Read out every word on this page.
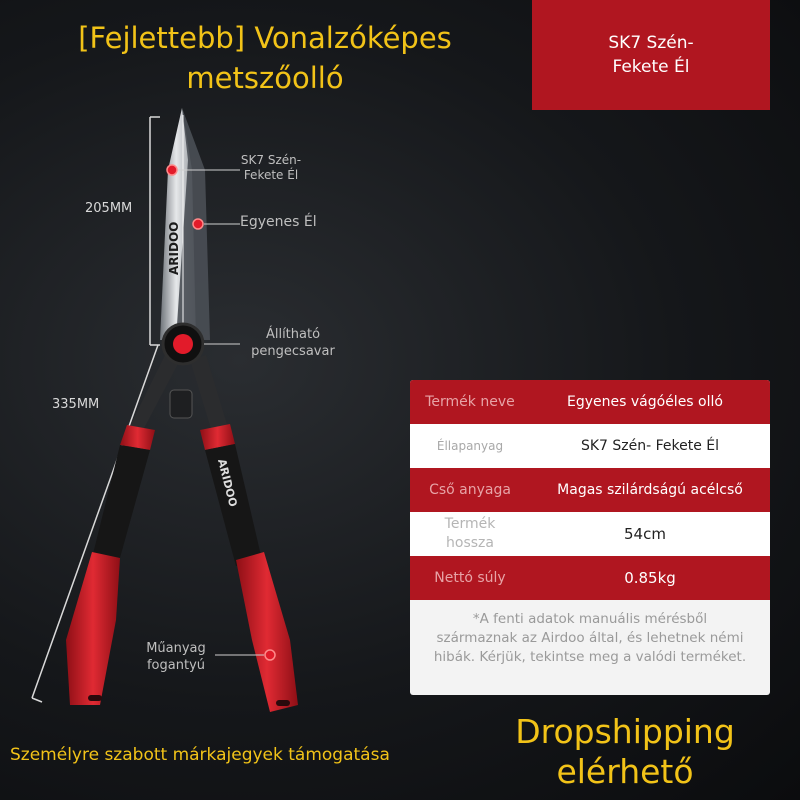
[Fejlettebb] Vonalzóképes metszőolló
SK7 Szén- Fekete Él
ARIDOO
ARIDOO
205MM
335MM
SK7 Szén- Fekete Él
Egyenes Él
Állítható pengecsavar
Műanyag fogantyú
Termék neve	Egyenes vágóéles olló
Éllapanyag	SK7 Szén- Fekete Él
Cső anyaga	Magas szilárdságú acélcső
Termék hossza	54cm
Nettó súly	0.85kg
*A fenti adatok manuális mérésből származnak az Airdoo által, és lehetnek némi hibák. Kérjük, tekintse meg a valódi terméket.
Személyre szabott márkajegyek támogatása
Dropshipping elérhető
